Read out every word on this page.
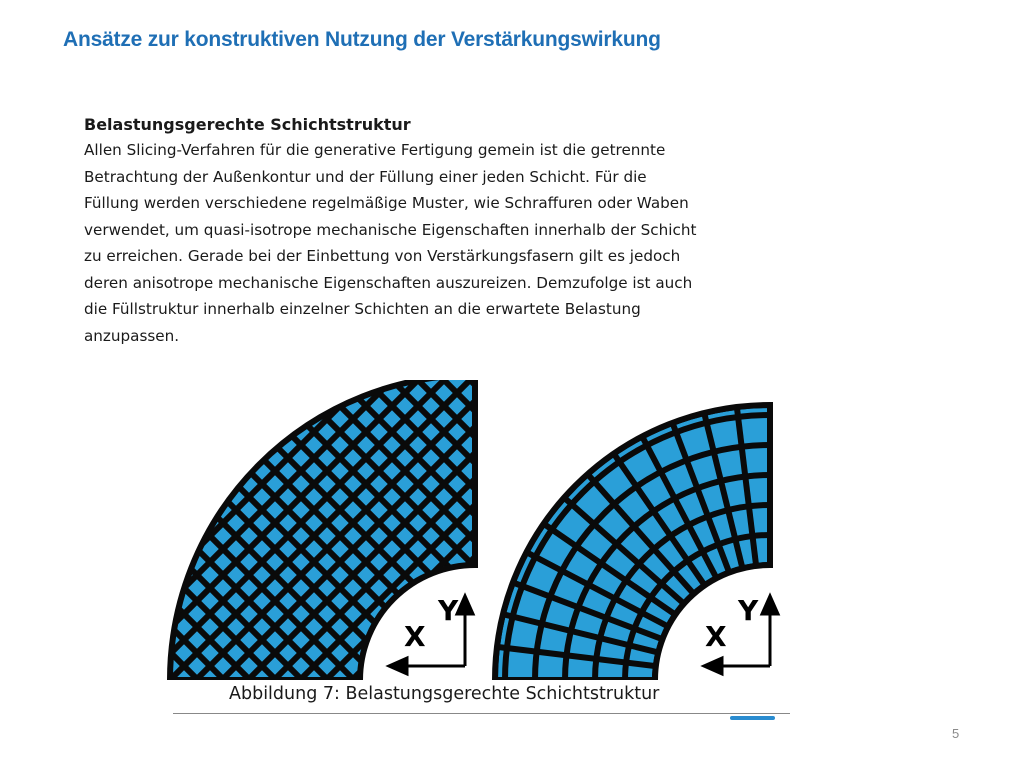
Ansätze zur konstruktiven Nutzung der Verstärkungswirkung
Belastungsgerechte Schichtstruktur

Allen Slicing-Verfahren für die generative Fertigung gemein ist die getrennte
Betrachtung der Außenkontur und der Füllung einer jeden Schicht. Für die
Füllung werden verschiedene regelmäßige Muster, wie Schraffuren oder Waben
verwendet, um quasi-isotrope mechanische Eigenschaften innerhalb der Schicht
zu erreichen. Gerade bei der Einbettung von Verstärkungsfasern gilt es jedoch
deren anisotrope mechanische Eigenschaften auszureizen. Demzufolge ist auch
die Füllstruktur innerhalb einzelner Schichten an die erwartete Belastung
anzupassen.

Y
X
Y
X
Abbildung 7: Belastungsgerechte Schichtstruktur
5
